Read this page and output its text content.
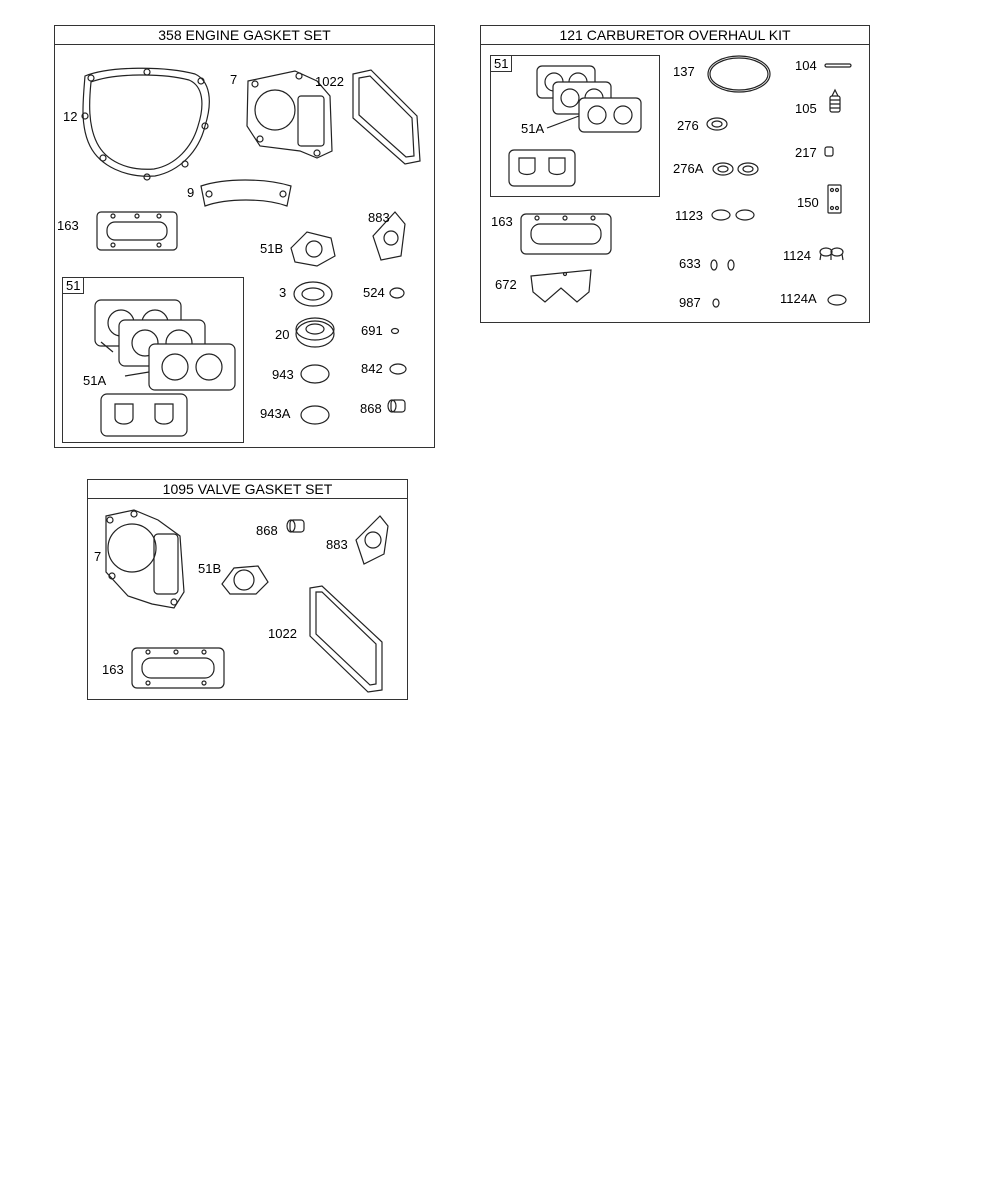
358 ENGINE GASKET SET
12
7	1022
9
163
883
51B
3	524
20	691
943	842
943A	868
51
51A
121 CARBURETOR OVERHAUL KIT
137	104
105
276
217
276A
150
163	1123
633
1124
672
987	1124A
51
51A
1095 VALVE GASKET SET
7
868
883
51B
1022
163
